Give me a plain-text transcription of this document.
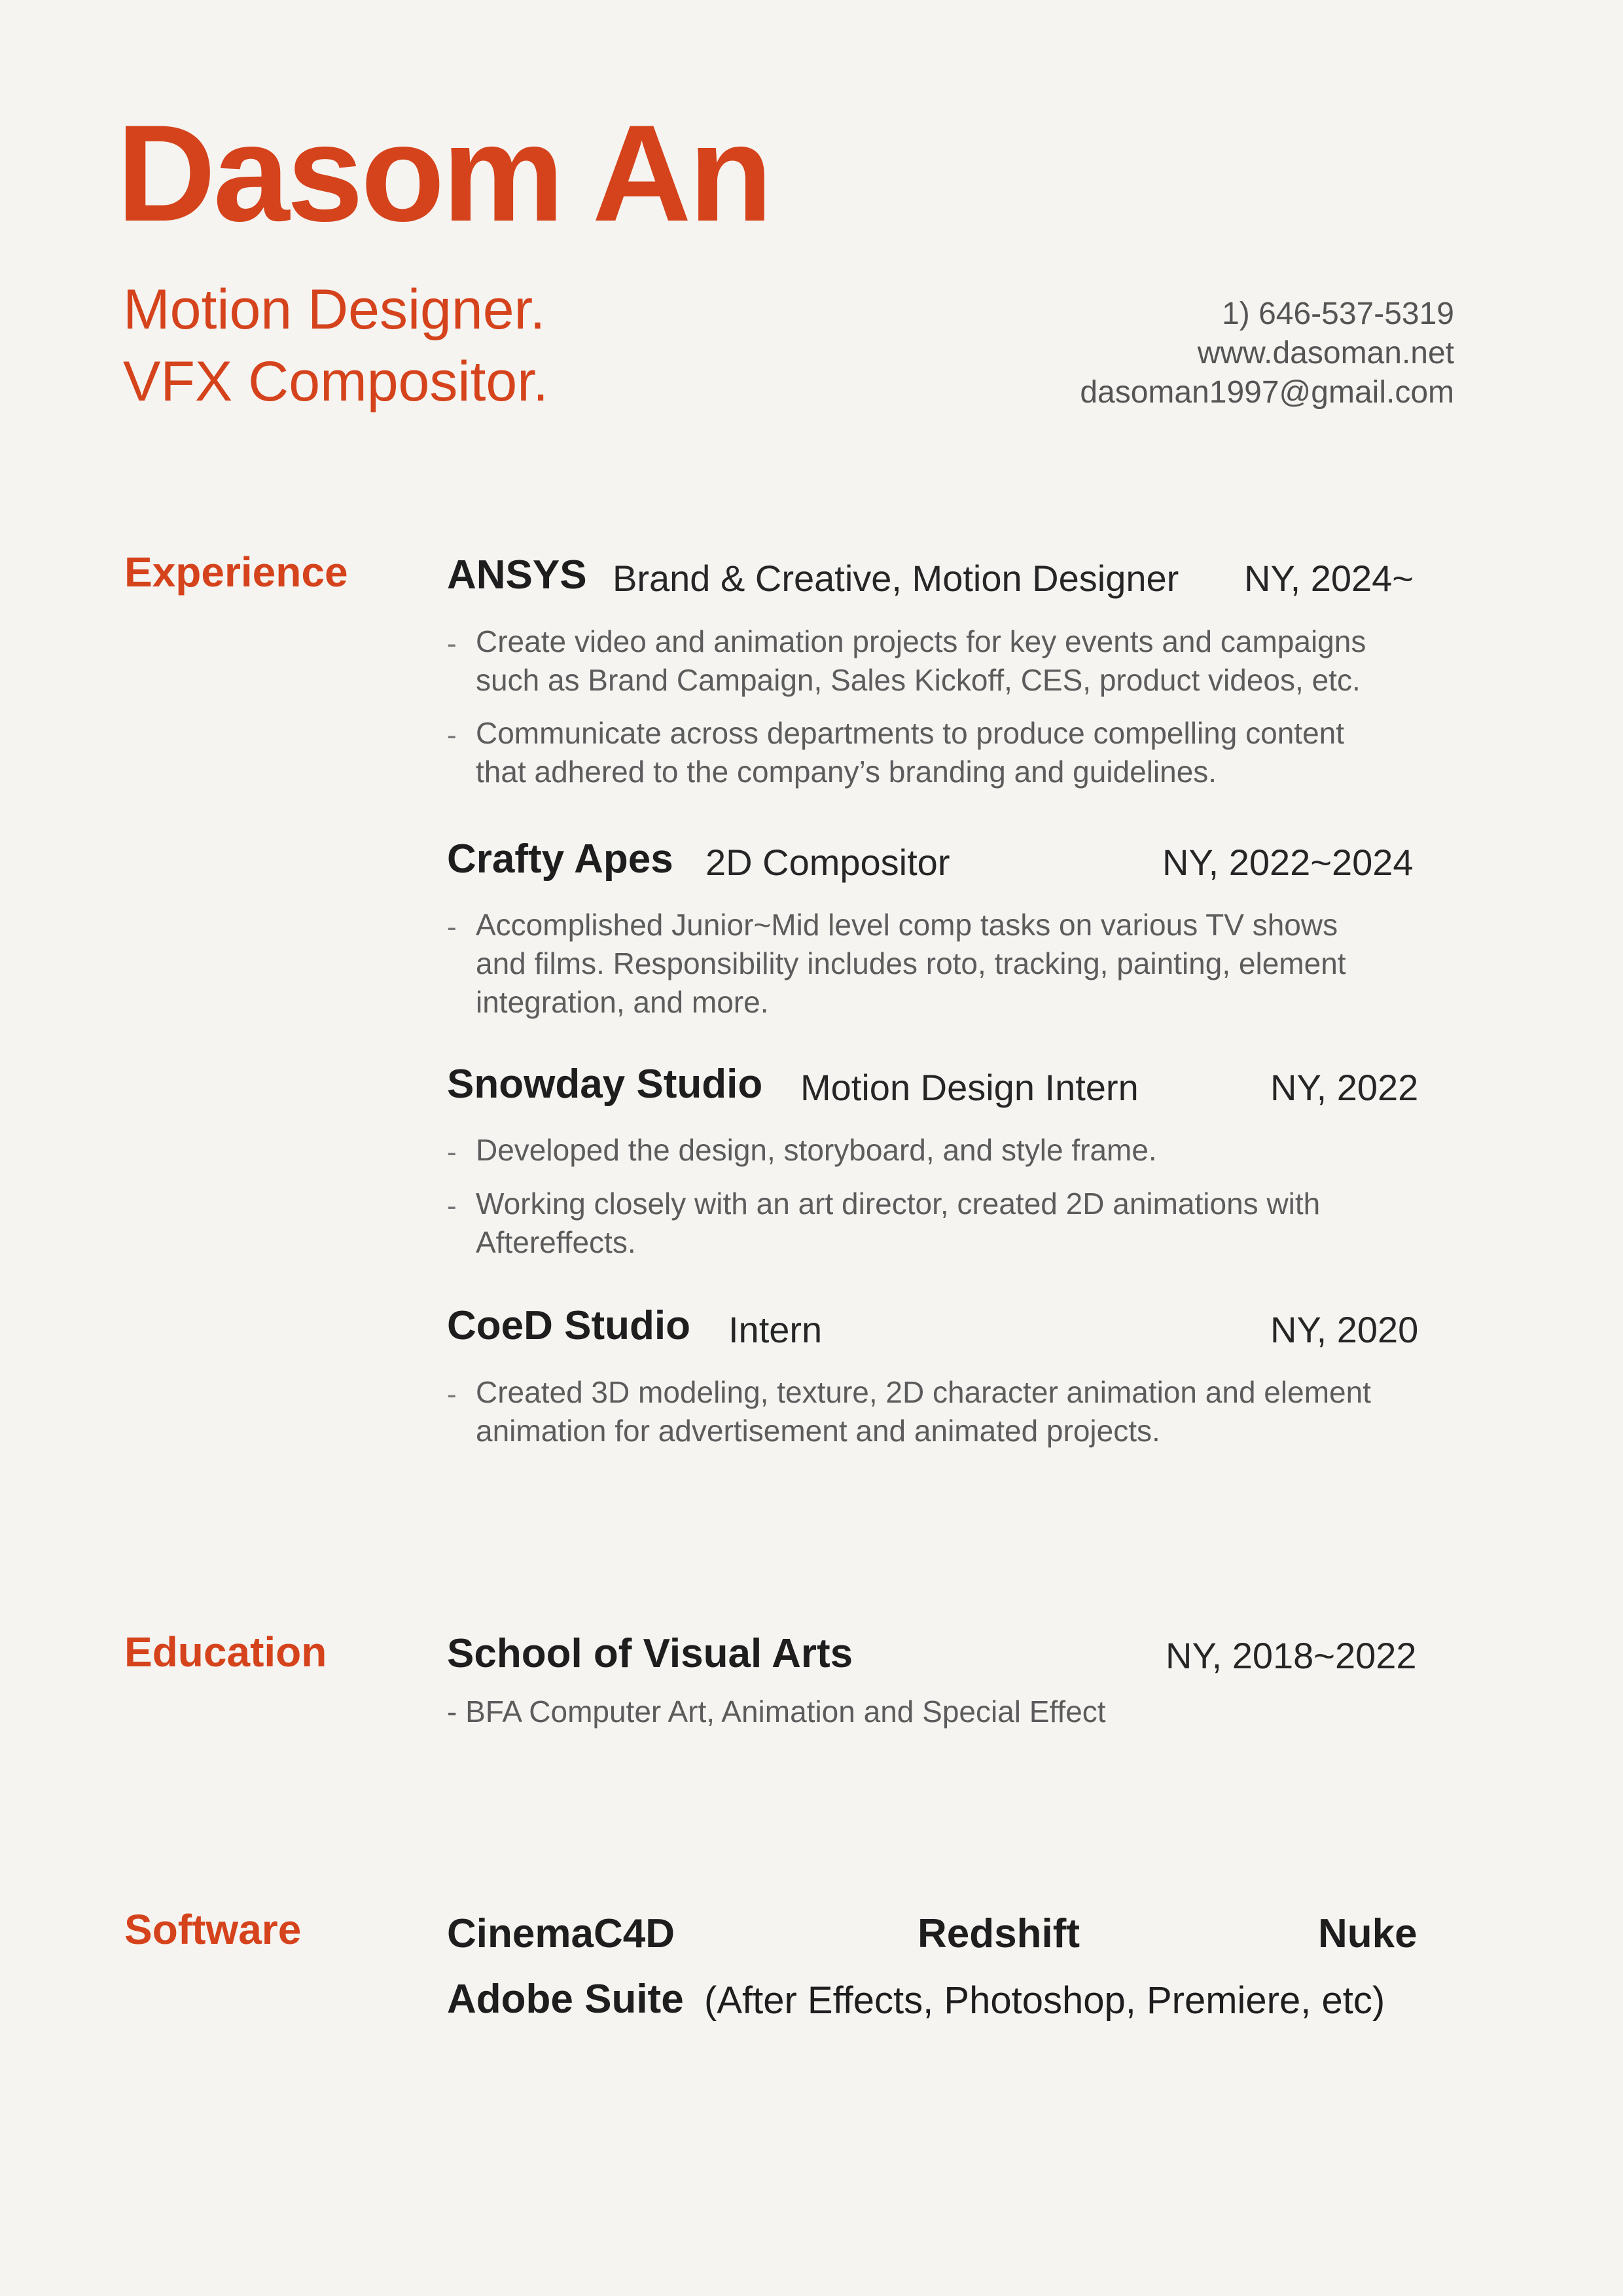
Dasom An
Motion Designer.
VFX Compositor.
1) 646-537-5319
www.dasoman.net
dasoman1997@gmail.com
Experience ANSYS Brand & Creative, Motion Designer NY, 2024~
- Create video and animation projects for key events and campaigns
such as Brand Campaign, Sales Kickoff, CES, product videos, etc.
- Communicate across departments to produce compelling content
that adhered to the company’s branding and guidelines.
Crafty Apes 2D Compositor	NY, 2022~2024
- Accomplished Junior~Mid level comp tasks on various TV shows
and films. Responsibility includes roto, tracking, painting, element
integration, and more.
Snowday Studio Motion Design Intern	NY, 2022
- Developed the design, storyboard, and style frame.
- Working closely with an art director, created 2D animations with
Aftereffects.
CoeD Studio Intern	NY, 2020
- Created 3D modeling, texture, 2D character animation and element
animation for advertisement and animated projects.
Education	School of Visual Arts	NY, 2018~2022
- BFA Computer Art, Animation and Special Effect
Software	CinemaC4D	Redshift	Nuke
Adobe Suite (After Effects, Photoshop, Premiere, etc)
